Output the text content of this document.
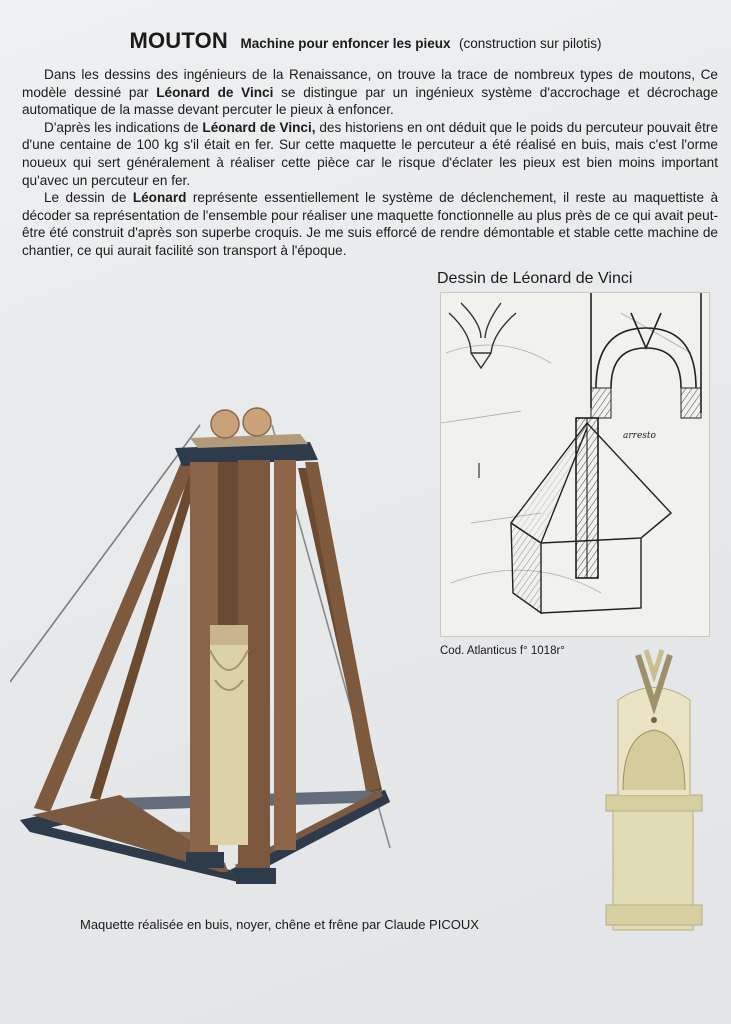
MOUTON Machine pour enfoncer les pieux (construction sur pilotis)

Dans les dessins des ingénieurs de la Renaissance, on trouve la trace de nombreux types de moutons, Ce modèle dessiné par Léonard de Vinci se distingue par un ingénieux système d'accrochage et décrochage automatique de la masse devant percuter le pieux à enfoncer.

D'après les indications de Léonard de Vinci, des historiens en ont déduit que le poids du percuteur pouvait être d'une centaine de 100 kg s'il était en fer. Sur cette maquette le percuteur a été réalisé en buis, mais c'est l'orme noueux qui sert généralement à réaliser cette pièce car le risque d'éclater les pieux est bien moins important qu'avec un percuteur en fer.

Le dessin de Léonard représente essentiellement le système de déclenchement, il reste au maquettiste à décoder sa représentation de l'ensemble pour réaliser une maquette fonctionnelle au plus près de ce qui avait peut-être été construit d'après son superbe croquis. Je me suis efforcé de rendre démontable et stable cette machine de chantier, ce qui aurait facilité son transport à l'époque.

Dessin de Léonard de Vinci
arresto
Cod. Atlanticus f° 1018r°
Maquette réalisée en buis, noyer, chêne et frêne par Claude PICOUX
